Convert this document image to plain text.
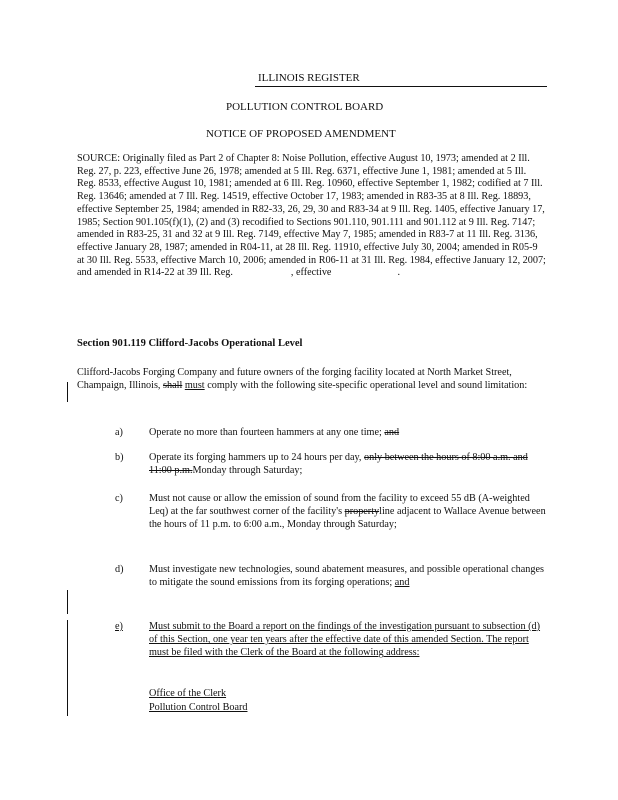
ILLINOIS REGISTER
POLLUTION CONTROL BOARD
NOTICE OF PROPOSED AMENDMENT
SOURCE: Originally filed as Part 2 of Chapter 8: Noise Pollution, effective August 10, 1973; amended at 2 Ill. Reg. 27, p. 223, effective June 26, 1978; amended at 5 Ill. Reg. 6371, effective June 1, 1981; amended at 5 Ill. Reg. 8533, effective August 10, 1981; amended at 6 Ill. Reg. 10960, effective September 1, 1982; codified at 7 Ill. Reg. 13646; amended at 7 Ill. Reg. 14519, effective October 17, 1983; amended in R83-35 at 8 Ill. Reg. 18893, effective September 25, 1984; amended in R82-33, 26, 29, 30 and R83-34 at 9 Ill. Reg. 1405, effective January 17, 1985; Section 901.105(f)(1), (2) and (3) recodified to Sections 901.110, 901.111 and 901.112 at 9 Ill. Reg. 7147; amended in R83-25, 31 and 32 at 9 Ill. Reg. 7149, effective May 7, 1985; amended in R83-7 at 11 Ill. Reg. 3136, effective January 28, 1987; amended in R04-11, at 28 Ill. Reg. 11910, effective July 30, 2004; amended in R05-9 at 30 Ill. Reg. 5533, effective March 10, 2006; amended in R06-11 at 31 Ill. Reg. 1984, effective January 12, 2007; and amended in R14-22 at 39 Ill. Reg.	, effective	.
Section 901.119 Clifford-Jacobs Operational Level
Clifford-Jacobs Forging Company and future owners of the forging facility located at North Market Street, Champaign, Illinois, shall must comply with the following site-specific operational level and sound limitation:
a)	Operate no more than fourteen hammers at any one time; and
b)	Operate its forging hammers up to 24 hours per day, only between the hours of 8:00 a.m. and 11:00 p.m.Monday through Saturday;
c)	Must not cause or allow the emission of sound from the facility to exceed 55 dB (A-weighted Leq) at the far southwest corner of the facility's propertyline adjacent to Wallace Avenue between the hours of 11 p.m. to 6:00 a.m., Monday through Saturday;
d)	Must investigate new technologies, sound abatement measures, and possible operational changes to mitigate the sound emissions from its forging operations; and
e)	Must submit to the Board a report on the findings of the investigation pursuant to subsection (d) of this Section, one year ten years after the effective date of this amended Section. The report must be filed with the Clerk of the Board at the following address:
Office of the Clerk
Pollution Control Board
